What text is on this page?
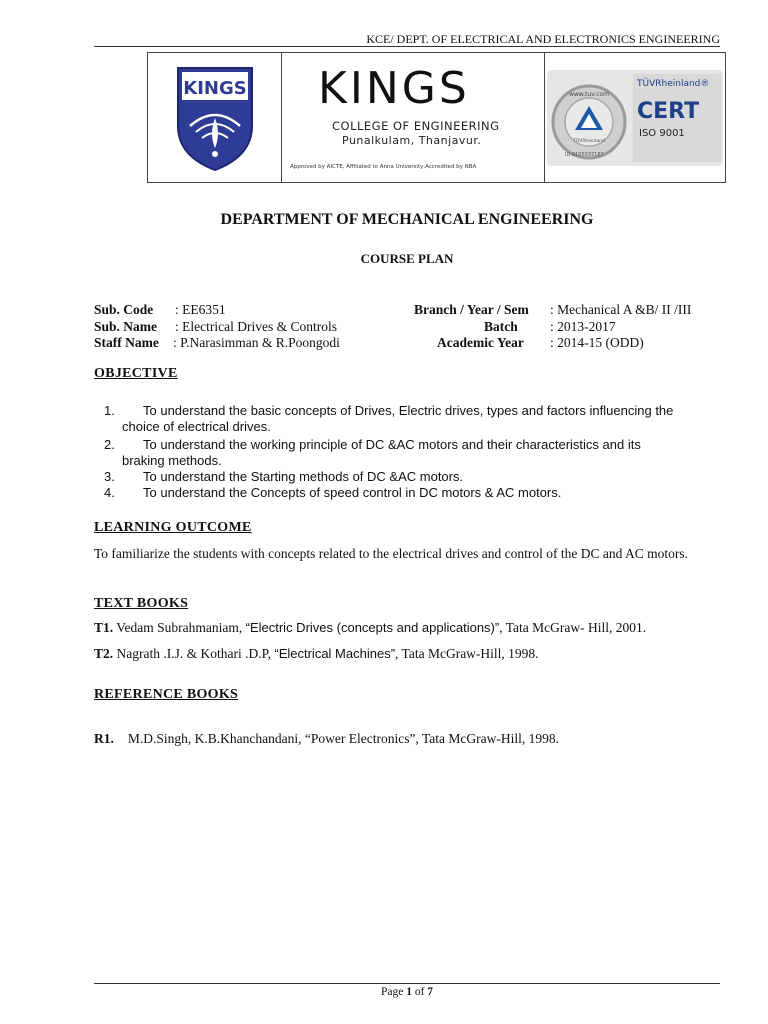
KCE/ DEPT. OF ELECTRICAL AND ELECTRONICS ENGINEERING
KINGS KINGS
COLLEGE OF ENGINEERING
Punalkulam, Thanjavur.
Approved by AICTE, Affiliated to Anna University,Accredited by NBA
www.tuv.com
TÜVRheinland
ID 9105037187
TÜVRheinland®
CERT
ISO 9001
DEPARTMENT OF MECHANICAL ENGINEERING
COURSE PLAN
Sub. Code : EE6351
Sub. Name : Electrical Drives & Controls
Staff Name : P.Narasimman & R.Poongodi
Branch / Year / Sem : Mechanical A &B/ II /III
Batch : 2013-2017
Academic Year : 2014-15 (ODD)
OBJECTIVE
1.	To understand the basic concepts of Drives, Electric drives, types and factors influencing the
choice of electrical drives.
2.	To understand the working principle of DC &AC motors and their characteristics and its
braking methods.
3.	To understand the Starting methods of DC &AC motors.
4.	To understand the Concepts of speed control in DC motors & AC motors.
LEARNING OUTCOME
To familiarize the students with concepts related to the electrical drives and control of the DC and AC motors.
TEXT BOOKS
T1. Vedam Subrahmaniam, “Electric Drives (concepts and applications)”, Tata McGraw- Hill, 2001.
T2. Nagrath .I.J. & Kothari .D.P, “Electrical Machines”, Tata McGraw-Hill, 1998.
REFERENCE BOOKS
R1. M.D.Singh, K.B.Khanchandani, “Power Electronics”, Tata McGraw-Hill, 1998.
Page 1 of 7
